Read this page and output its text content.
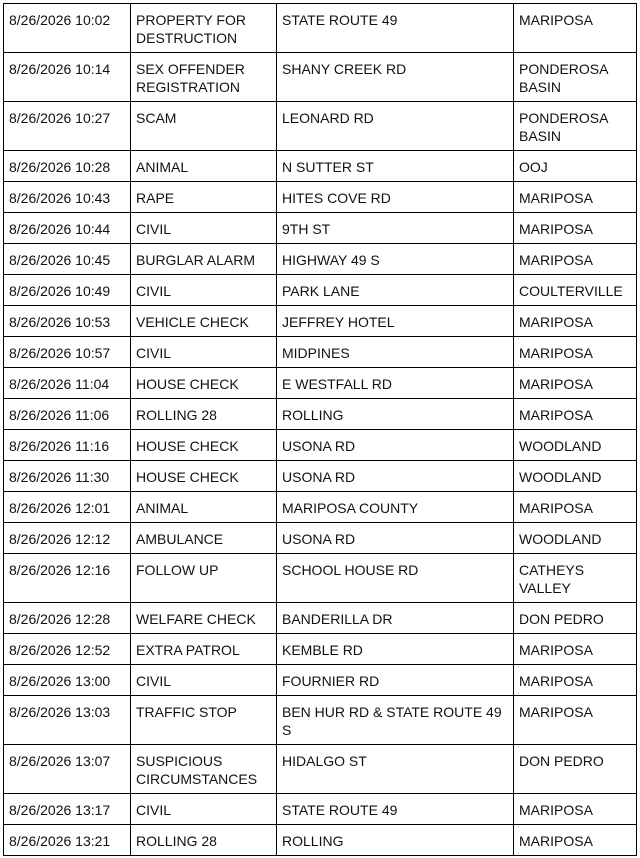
8/26/2026 10:02	PROPERTY FOR DESTRUCTION	STATE ROUTE 49	MARIPOSA
8/26/2026 10:14	SEX OFFENDER REGISTRATION	SHANY CREEK RD	PONDEROSA BASIN
8/26/2026 10:27	SCAM	LEONARD RD	PONDEROSA BASIN
8/26/2026 10:28	ANIMAL	N SUTTER ST	OOJ
8/26/2026 10:43	RAPE	HITES COVE RD	MARIPOSA
8/26/2026 10:44	CIVIL	9TH ST	MARIPOSA
8/26/2026 10:45	BURGLAR ALARM	HIGHWAY 49 S	MARIPOSA
8/26/2026 10:49	CIVIL	PARK LANE	COULTERVILLE
8/26/2026 10:53	VEHICLE CHECK	JEFFREY HOTEL	MARIPOSA
8/26/2026 10:57	CIVIL	MIDPINES	MARIPOSA
8/26/2026 11:04	HOUSE CHECK	E WESTFALL RD	MARIPOSA
8/26/2026 11:06	ROLLING 28	ROLLING	MARIPOSA
8/26/2026 11:16	HOUSE CHECK	USONA RD	WOODLAND
8/26/2026 11:30	HOUSE CHECK	USONA RD	WOODLAND
8/26/2026 12:01	ANIMAL	MARIPOSA COUNTY	MARIPOSA
8/26/2026 12:12	AMBULANCE	USONA RD	WOODLAND
8/26/2026 12:16	FOLLOW UP	SCHOOL HOUSE RD	CATHEYS VALLEY
8/26/2026 12:28	WELFARE CHECK	BANDERILLA DR	DON PEDRO
8/26/2026 12:52	EXTRA PATROL	KEMBLE RD	MARIPOSA
8/26/2026 13:00	CIVIL	FOURNIER RD	MARIPOSA
8/26/2026 13:03	TRAFFIC STOP	BEN HUR RD & STATE ROUTE 49 S	MARIPOSA
8/26/2026 13:07	SUSPICIOUS CIRCUMSTANCES	HIDALGO ST	DON PEDRO
8/26/2026 13:17	CIVIL	STATE ROUTE 49	MARIPOSA
8/26/2026 13:21	ROLLING 28	ROLLING	MARIPOSA
